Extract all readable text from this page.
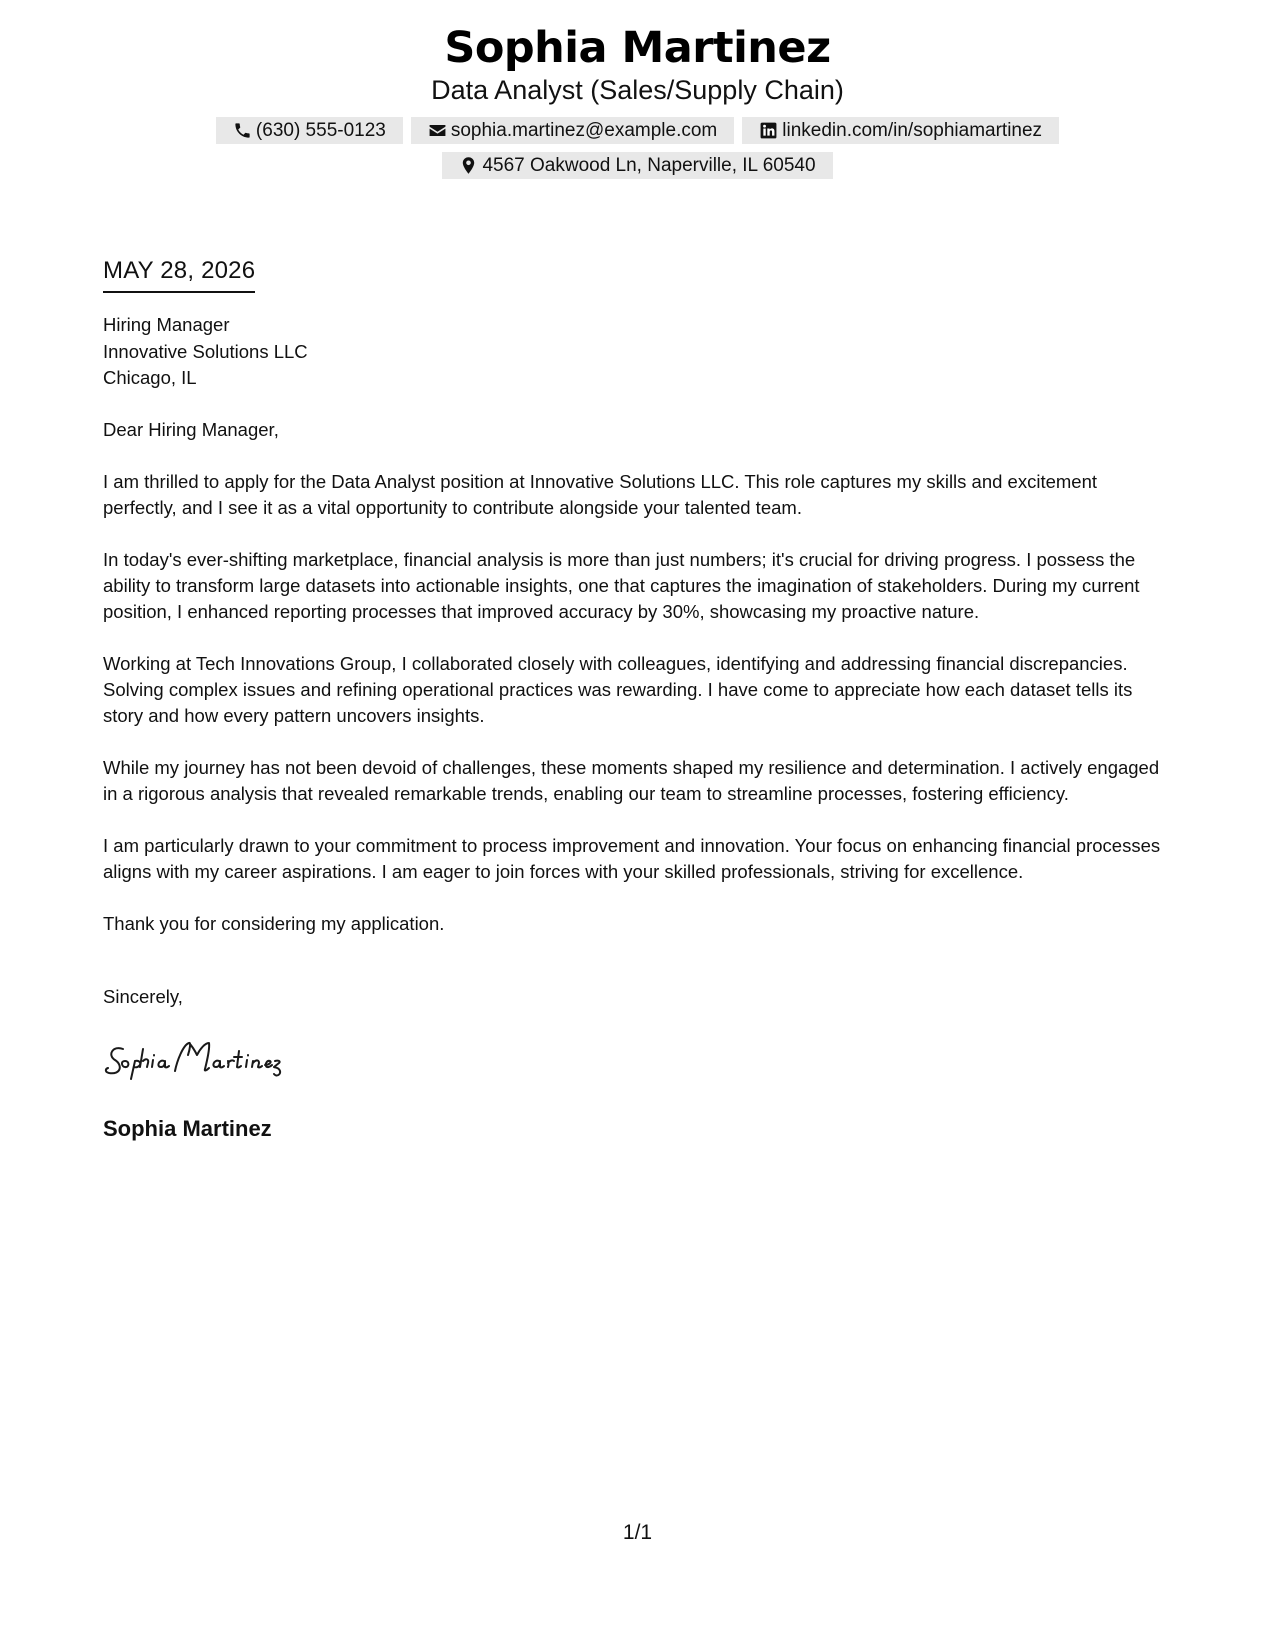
Sophia Martinez
Data Analyst (Sales/Supply Chain)
(630) 555-0123	sophia.martinez@example.com	linkedin.com/in/sophiamartinez
4567 Oakwood Ln, Naperville, IL 60540
MAY 28, 2026
Hiring Manager
Innovative Solutions LLC
Chicago, IL
Dear Hiring Manager,
I am thrilled to apply for the Data Analyst position at Innovative Solutions LLC. This role captures my skills and excitement perfectly, and I see it as a vital opportunity to contribute alongside your talented team.
In today's ever-shifting marketplace, financial analysis is more than just numbers; it's crucial for driving progress. I possess the ability to transform large datasets into actionable insights, one that captures the imagination of stakeholders. During my current position, I enhanced reporting processes that improved accuracy by 30%, showcasing my proactive nature.
Working at Tech Innovations Group, I collaborated closely with colleagues, identifying and addressing financial discrepancies. Solving complex issues and refining operational practices was rewarding. I have come to appreciate how each dataset tells its story and how every pattern uncovers insights.
While my journey has not been devoid of challenges, these moments shaped my resilience and determination. I actively engaged in a rigorous analysis that revealed remarkable trends, enabling our team to streamline processes, fostering efficiency.
I am particularly drawn to your commitment to process improvement and innovation. Your focus on enhancing financial processes aligns with my career aspirations. I am eager to join forces with your skilled professionals, striving for excellence.
Thank you for considering my application.
Sincerely,
Sophia Martinez
1/1
